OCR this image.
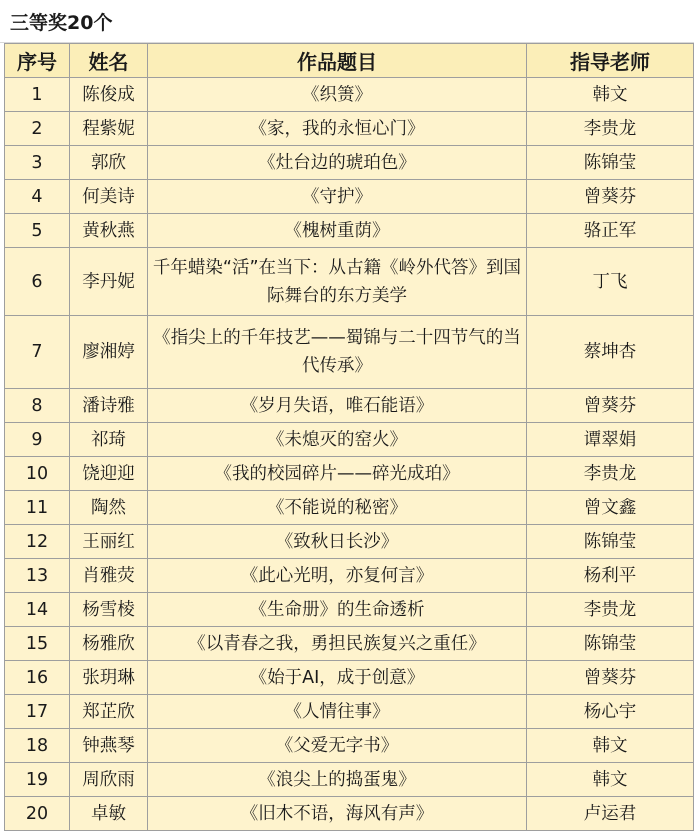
三等奖20个
序号	姓名	作品题目	指导老师
1	陈俊成	《织箦》	韩文
2	程紫妮	《家，我的永恒心门》	李贵龙
3	郭欣	《灶台边的琥珀色》	陈锦莹
4	何美诗	《守护》	曾葵芬
5	黄秋燕	《槐树重荫》	骆正军
6	李丹妮	千年蜡染“活”在当下：从古籍《岭外代答》到国际舞台的东方美学	丁飞
7	廖湘婷	《指尖上的千年技艺——蜀锦与二十四节气的当代传承》	蔡坤杏
8	潘诗雅	《岁月失语，唯石能语》	曾葵芬
9	祁琦	《未熄灭的窑火》	谭翠娟
10	饶迎迎	《我的校园碎片——碎光成珀》	李贵龙
11	陶然	《不能说的秘密》	曾文鑫
12	王丽红	《致秋日长沙》	陈锦莹
13	肖雅荧	《此心光明，亦复何言》	杨利平
14	杨雪棱	《生命册》的生命透析	李贵龙
15	杨雅欣	《以青春之我，勇担民族复兴之重任》	陈锦莹
16	张玥琳	《始于AI，成于创意》	曾葵芬
17	郑芷欣	《人情往事》	杨心宇
18	钟燕琴	《父爱无字书》	韩文
19	周欣雨	《浪尖上的捣蛋鬼》	韩文
20	卓敏	《旧木不语，海风有声》	卢运君
